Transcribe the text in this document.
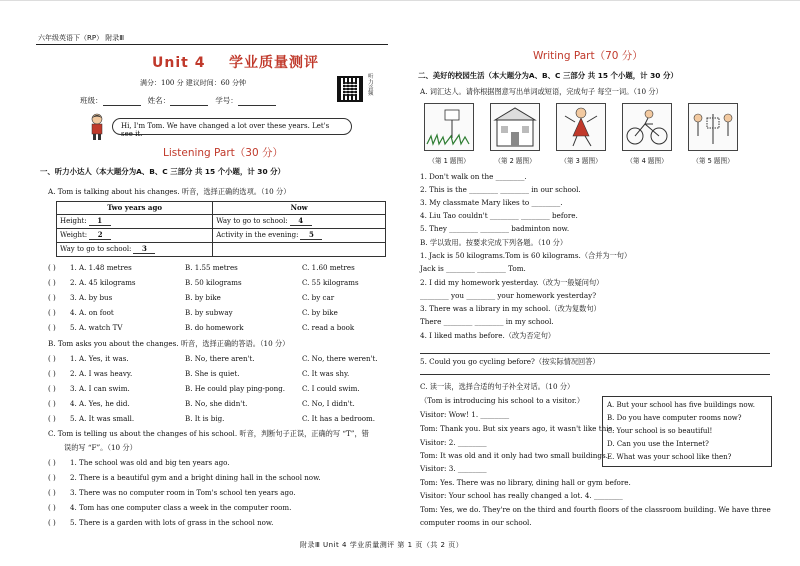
六年级英语下（RP） 附录Ⅲ
Unit 4 学业质量测评
满分：100 分 建议时间：60 分钟
班级：	姓名：	学号：
听力音频
Hi, I'm Tom. We have changed a lot over these years. Let's see it.
Listening Part（30 分）
一、听力小达人（本大题分为A、B、C 三部分 共 15 个小题，计 30 分）
A. Tom is talking about his changes. 听音，选择正确的选项。（10 分）
Two years ago	Now
Height: 1	Way to go to school: 4
Weight: 2	Activity in the evening: 5
Way to go to school: 3	
( ) 1. A. 1.48 metres	B. 1.55 metres	C. 1.60 metres
( ) 2. A. 45 kilograms	B. 50 kilograms	C. 55 kilograms
( ) 3. A. by bus	B. by bike	C. by car
( ) 4. A. on foot	B. by subway	C. by bike
( ) 5. A. watch TV	B. do homework	C. read a book
B. Tom asks you about the changes. 听音，选择正确的答语。（10 分）
( ) 1. A. Yes, it was.	B. No, there aren't.	C. No, there weren't.
( ) 2. A. I was heavy.	B. She is quiet.	C. It was shy.
( ) 3. A. I can swim.	B. He could play ping-pong. C. I could swim.
( ) 4. A. Yes, he did.	B. No, she didn't.	C. No, I didn't.
( ) 5. A. It was small.	B. It is big.	C. It has a bedroom.
C. Tom is telling us about the changes of his school. 听音，判断句子正误，正确的写 “T”，错
误的写 “F”。（10 分）
( ) 1. The school was old and big ten years ago.
( ) 2. There is a beautiful gym and a bright dining hall in the school now.
( ) 3. There was no computer room in Tom's school ten years ago.
( ) 4. Tom has one computer class a week in the computer room.
( ) 5. There is a garden with lots of grass in the school now.
Writing Part（70 分）
二、美好的校园生活（本大题分为A、B、C 三部分 共 15 个小题，计 30 分）
A. 词汇达人。请你根据图意写出单词或短语，完成句子 每空一词。（10 分）
（第 1 题图）	（第 2 题图）	（第 3 题图）	（第 4 题图）	（第 5 题图）
1. Don't walk on the ________.
2. This is the ________ ________ in our school.
3. My classmate Mary likes to ________.
4. Liu Tao couldn't ________ ________ before.
5. They ________ ________ badminton now.
B. 学以致用。按要求完成下列各题。（10 分）
1. Jack is 50 kilograms.Tom is 60 kilograms.（合并为一句）
Jack is ________ ________ Tom.
2. I did my homework yesterday.（改为一般疑问句）
________ you ________ your homework yesterday?
3. There was a library in my school.（改为复数句）
There ________ ________ in my school.
4. I liked maths before.（改为否定句）
5. Could you go cycling before?（按实际情况回答）
C. 读一读，选择合适的句子补全对话。（10 分）
（Tom is introducing his school to a visitor.）
Visitor: Wow! 1. ________
Tom: Thank you. But six years ago, it wasn't like this.
Visitor: 2. ________
Tom: It was old and it only had two small buildings.
Visitor: 3. ________
Tom: Yes. There was no library, dining hall or gym before.
Visitor: Your school has really changed a lot. 4. ________
Tom: Yes, we do. They're on the third and fourth floors of the classroom building. We have three
computer rooms in our school.
A. But your school has five buildings now.
B. Do you have computer rooms now?
C. Your school is so beautiful!
D. Can you use the Internet?
E. What was your school like then?
附录Ⅲ Unit 4 学业质量测评 第 1 页（共 2 页）
